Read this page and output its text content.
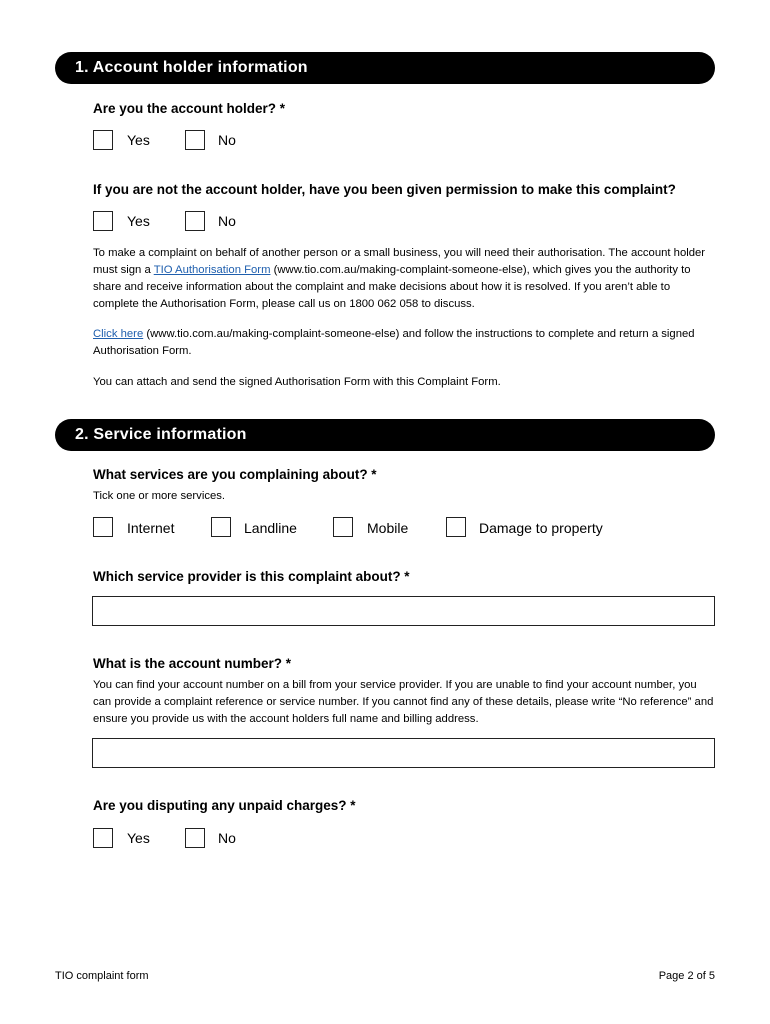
1. Account holder information
Are you the account holder? *
Yes	No
If you are not the account holder, have you been given permission to make this complaint?
Yes	No
To make a complaint on behalf of another person or a small business, you will need their authorisation. The account holder must sign a TIO Authorisation Form (www.tio.com.au/making-complaint-someone-else), which gives you the authority to share and receive information about the complaint and make decisions about how it is resolved. If you aren’t able to complete the Authorisation Form, please call us on 1800 062 058 to discuss.
Click here (www.tio.com.au/making-complaint-someone-else) and follow the instructions to complete and return a signed Authorisation Form.
You can attach and send the signed Authorisation Form with this Complaint Form.
2. Service information
What services are you complaining about? *
Tick one or more services.
Internet	Landline	Mobile	Damage to property
Which service provider is this complaint about? *
What is the account number? *
You can find your account number on a bill from your service provider. If you are unable to find your account number, you can provide a complaint reference or service number. If you cannot find any of these details, please write “No reference” and ensure you provide us with the account holders full name and billing address.
Are you disputing any unpaid charges? *
Yes	No
TIO complaint form	Page 2 of 5
